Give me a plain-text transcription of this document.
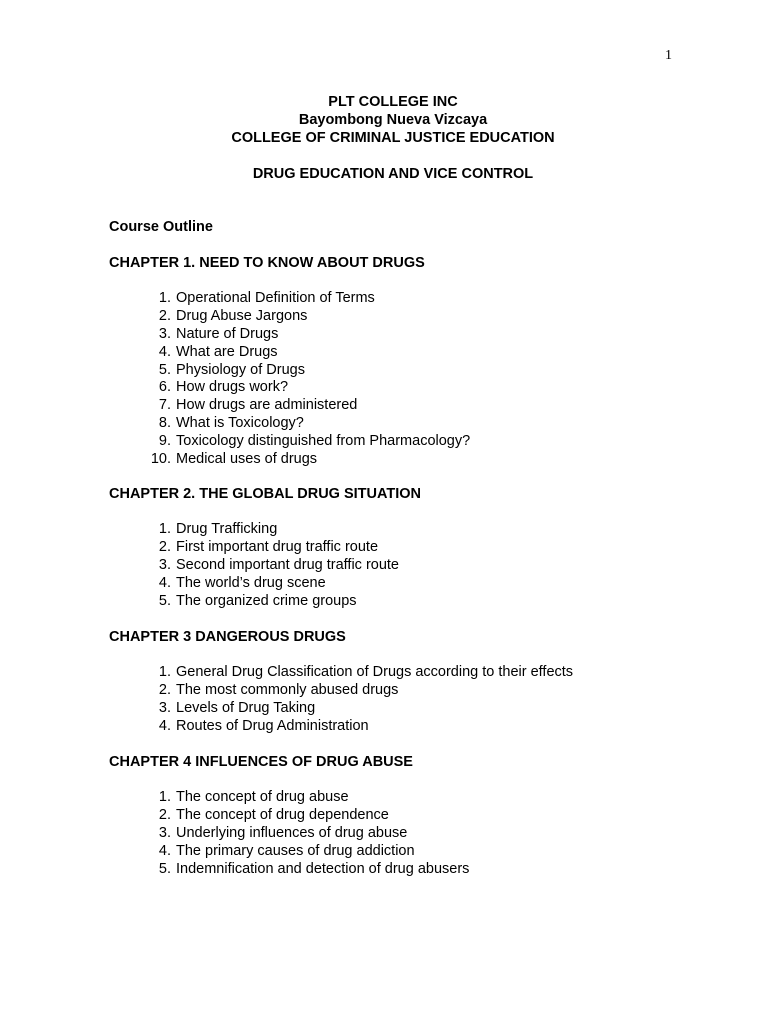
1
PLT COLLEGE INC
Bayombong Nueva Vizcaya
COLLEGE OF CRIMINAL JUSTICE EDUCATION
DRUG EDUCATION AND VICE CONTROL
Course Outline
CHAPTER 1. NEED TO KNOW ABOUT DRUGS
1. Operational Definition of Terms
2. Drug Abuse Jargons
3. Nature of Drugs
4. What are Drugs
5. Physiology of Drugs
6. How drugs work?
7. How drugs are administered
8. What is Toxicology?
9. Toxicology distinguished from Pharmacology?
10. Medical uses of drugs
CHAPTER 2. THE GLOBAL DRUG SITUATION
1. Drug Trafficking
2. First important drug traffic route
3. Second important drug traffic route
4. The world’s drug scene
5. The organized crime groups
CHAPTER 3 DANGEROUS DRUGS
1. General Drug Classification of Drugs according to their effects
2. The most commonly abused drugs
3. Levels of Drug Taking
4. Routes of Drug Administration
CHAPTER 4 INFLUENCES OF DRUG ABUSE
1. The concept of drug abuse
2. The concept of drug dependence
3. Underlying influences of drug abuse
4. The primary causes of drug addiction
5. Indemnification and detection of drug abusers
